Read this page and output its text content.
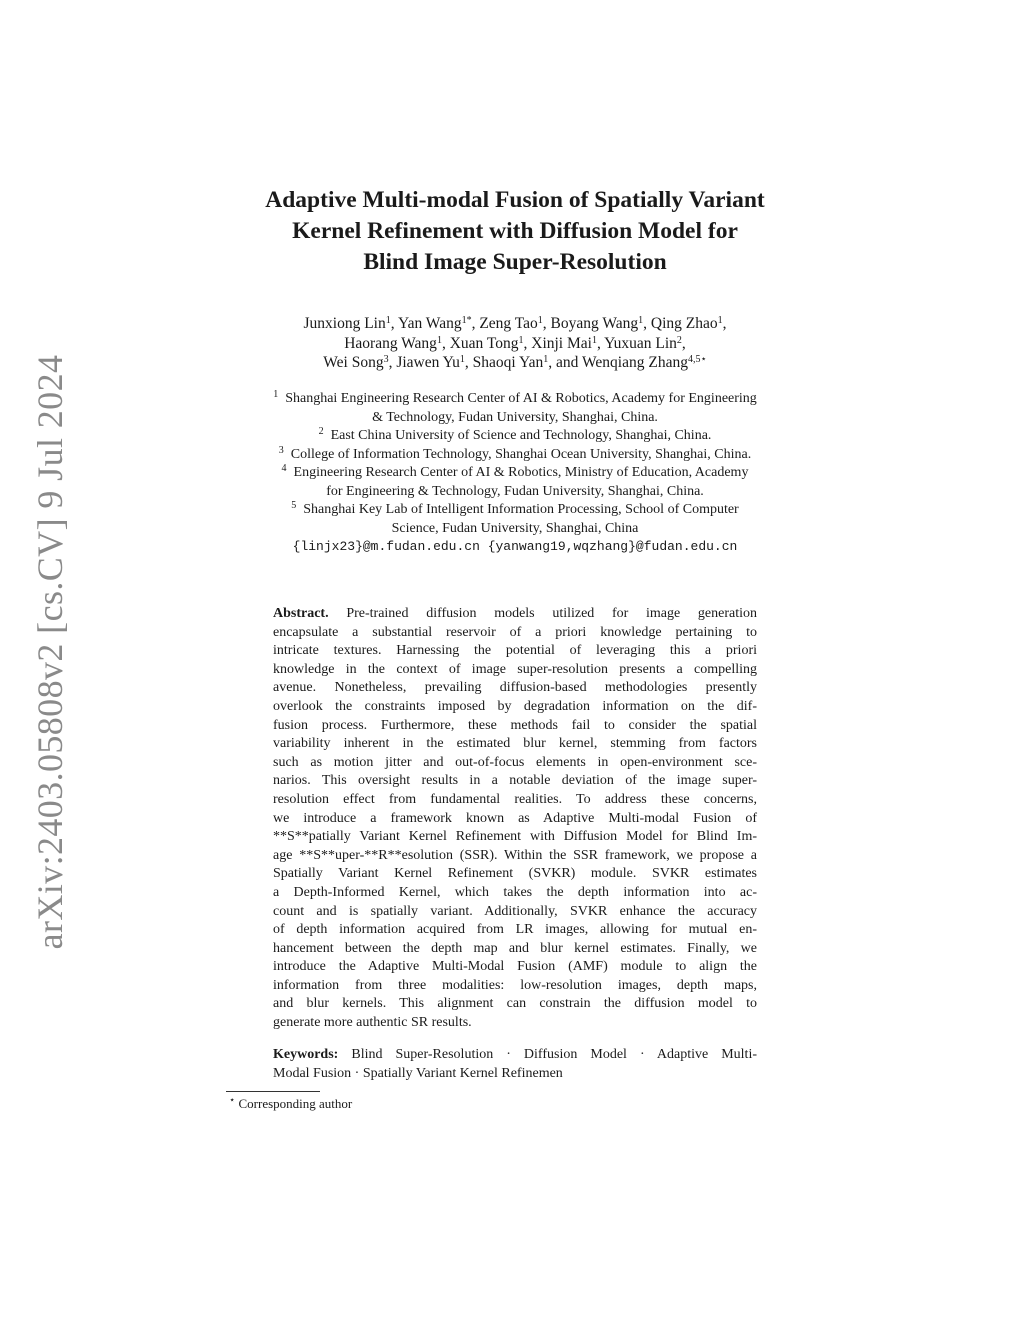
arXiv:2403.05808v2 [cs.CV] 9 Jul 2024
Adaptive Multi-modal Fusion of Spatially Variant
Kernel Refinement with Diffusion Model for
Blind Image Super-Resolution
Junxiong Lin$^1$, Yan Wang$^{1*}$, Zeng Tao$^1$, Boyang Wang$^1$, Qing Zhao$^1$,
Haorang Wang$^1$, Xuan Tong$^1$, Xinji Mai$^1$, Yuxuan Lin$^2$,
Wei Song$^3$, Jiawen Yu$^1$, Shaoqi Yan$^1$, and Wenqiang Zhang$^{4,5⋆}$
$^1$  Shanghai Engineering Research Center of AI & Robotics, Academy for Engineering
& Technology, Fudan University, Shanghai, China.
$^2$  East China University of Science and Technology, Shanghai, China.
$^3$  College of Information Technology, Shanghai Ocean University, Shanghai, China.
$^4$  Engineering Research Center of AI & Robotics, Ministry of Education, Academy
for Engineering & Technology, Fudan University, Shanghai, China.
$^5$  Shanghai Key Lab of Intelligent Information Processing, School of Computer
Science, Fudan University, Shanghai, China
{linjx23}@m.fudan.edu.cn {yanwang19,wqzhang}@fudan.edu.cn
Abstract. Pre-trained diffusion models utilized for image generation
encapsulate a substantial reservoir of a priori knowledge pertaining to
intricate textures. Harnessing the potential of leveraging this a priori
knowledge in the context of image super-resolution presents a compelling
avenue. Nonetheless, prevailing diffusion-based methodologies presently
overlook the constraints imposed by degradation information on the dif-
fusion process. Furthermore, these methods fail to consider the spatial
variability inherent in the estimated blur kernel, stemming from factors
such as motion jitter and out-of-focus elements in open-environment sce-
narios. This oversight results in a notable deviation of the image super-
resolution effect from fundamental realities. To address these concerns,
we introduce a framework known as Adaptive Multi-modal Fusion of
**S**patially Variant Kernel Refinement with Diffusion Model for Blind Im-
age **S**uper-**R**esolution (SSR). Within the SSR framework, we propose a
Spatially Variant Kernel Refinement (SVKR) module. SVKR estimates
a Depth-Informed Kernel, which takes the depth information into ac-
count and is spatially variant. Additionally, SVKR enhance the accuracy
of depth information acquired from LR images, allowing for mutual en-
hancement between the depth map and blur kernel estimates. Finally, we
introduce the Adaptive Multi-Modal Fusion (AMF) module to align the
information from three modalities: low-resolution images, depth maps,
and blur kernels. This alignment can constrain the diffusion model to
generate more authentic SR results.
Keywords: Blind Super-Resolution · Diffusion Model · Adaptive Multi-
Modal Fusion · Spatially Variant Kernel Refinemen
⋆ Corresponding author
